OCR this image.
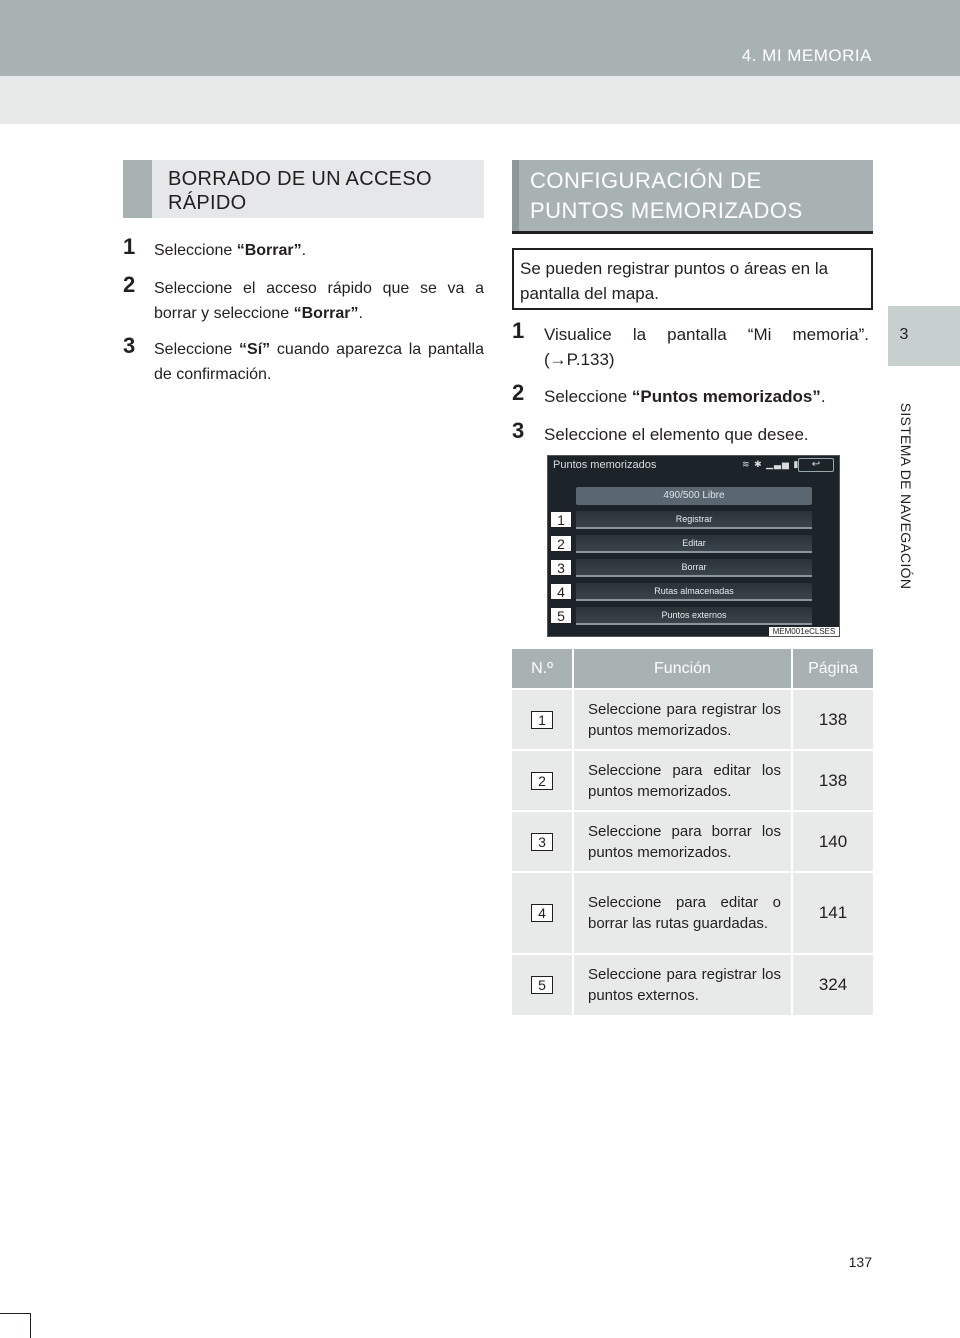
4. MI MEMORIA
3
SISTEMA DE NAVEGACIÓN
BORRADO DE UN ACCESO RÁPIDO
1	Seleccione “Borrar”.
2	Seleccione el acceso rápido que se va a borrar y seleccione “Borrar”.
3	Seleccione “Sí” cuando aparezca la pantalla de confirmación.
CONFIGURACIÓN DE PUNTOS MEMORIZADOS
Se pueden registrar puntos o áreas en la pantalla del mapa.
1	Visualice la pantalla “Mi memoria”. (→P.133)
2	Seleccione “Puntos memorizados”.
3	Seleccione el elemento que desee.
Puntos memorizados	≋ ✱ ▁▃▅ ▮	↩
490/500 Libre
Registrar
Editar
Borrar
Rutas almacenadas
Puntos externos
1
2
3
4
5
MEM001eCLSES
N.º	Función	Página
1	Seleccione para registrar los puntos memorizados.	138
2	Seleccione para editar los puntos memorizados.	138
3	Seleccione para borrar los puntos memorizados.	140
4	Seleccione para editar o borrar las rutas guardadas.	141
5	Seleccione para registrar los puntos externos.	324
137
